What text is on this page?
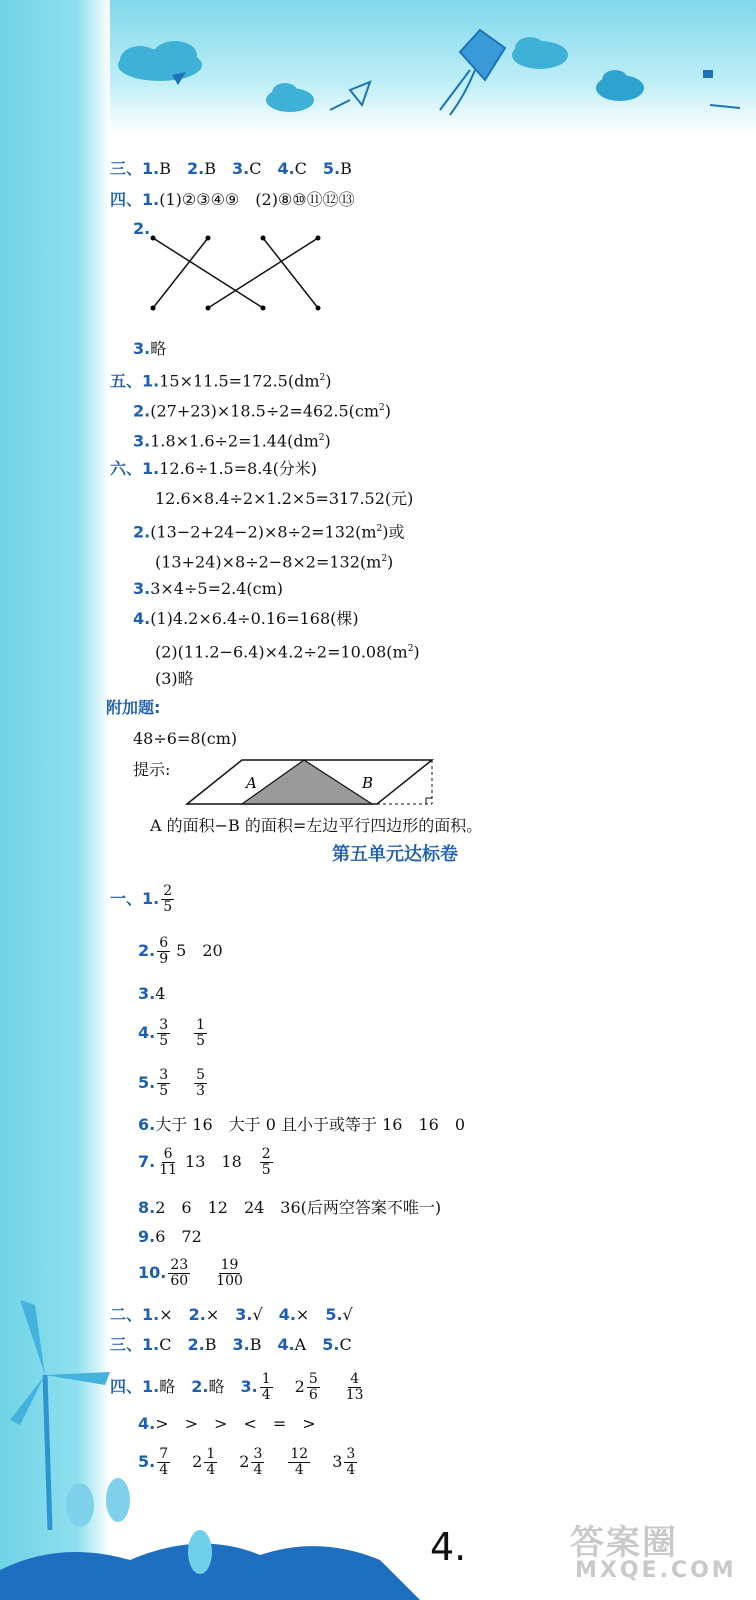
三、1.B 2.B 3.C 4.C 5.B
四、1.(1)②③④⑨　(2)⑧⑩⑪⑫⑬
2.
3.略
五、$1.15\times 11.5=172.5(dm^2)$
$2.(27+23)\times 18.5\div 2=462.5(cm^2)$
$3.1.8\times 1.6\div 2=1.44(dm^2)$
六、1.12.6÷1.5=8.4(分米)
12.6×8.4÷2×1.2×5=317.52(元)
$2.(13-2+24-2)\times 8\div 2=132(m^2)$或
$(13+24)\times 8\div 2-8\times 2=132(m^2)$
3.3×4÷5=2.4(cm)
4.(1)4.2×6.4÷0.16=168(棵)
$(2)(11.2-6.4)\times 4.2\div 2=10.08(m^2)$
(3)略
附加题:
48÷6=8(cm)
提示:
A	B
A 的面积−B 的面积=左边平行四边形的面积。
第五单元达标卷
一、1. $\frac{2}{5}$
2. $\frac{6}{9} 5$ 20
3.4
4. $\frac{3}{5} \frac{1}{5}$
5. $\frac{3}{5} \frac{5}{3}$
6.大于 16　大于 0 且小于或等于 16　16　0
7. $\frac{6}{11} 13$ $18 \frac{2}{5}$
8.2　6　12　24　36(后两空答案不唯一)
9.6　72
10. $\frac{23}{60} \frac{19}{100}$
二、1.× 2.× 3.√ 4.× 5.√
三、1.C 2.B 3.B 4.A 5.C
四、1.略 2.略 3. $\frac{1}{4} 2 \frac{5}{6} \frac{4}{13}$
4.>　>　>　<　=　>
5. $\frac{7}{4} 2 \frac{1}{4} 2 \frac{3}{4} \frac{12}{4} 3 \frac{3}{4}$
4.	答案圈
MXQE.COM
